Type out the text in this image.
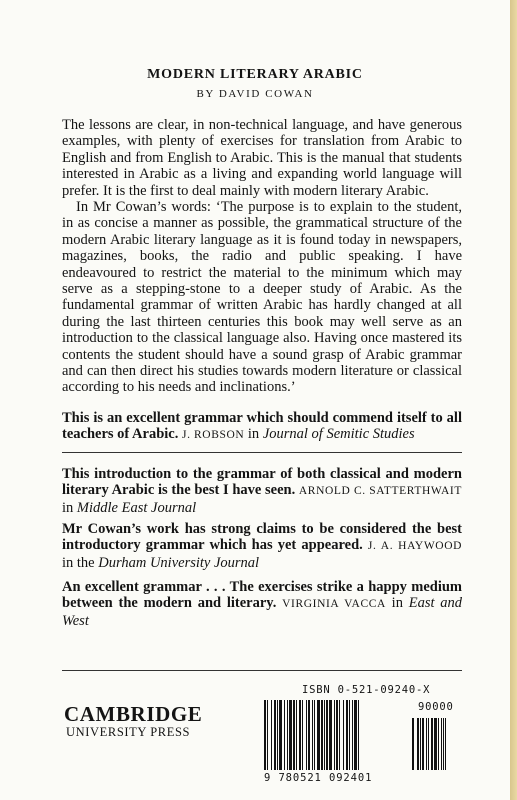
MODERN LITERARY ARABIC
BY DAVID COWAN

The lessons are clear, in non-technical language, and have generous examples, with plenty of exercises for translation from Arabic to English and from English to Arabic. This is the manual that students interested in Arabic as a living and expanding world language will prefer. It is the first to deal mainly with modern literary Arabic.

In Mr Cowan’s words: ‘The purpose is to explain to the student, in as concise a manner as possible, the grammatical structure of the modern Arabic literary language as it is found today in newspapers, magazines, books, the radio and public speaking. I have endeavoured to restrict the material to the minimum which may serve as a stepping-stone to a deeper study of Arabic. As the fundamental grammar of written Arabic has hardly changed at all during the last thirteen centuries this book may well serve as an introduction to the classical language also. Having once mastered its contents the student should have a sound grasp of Arabic grammar and can then direct his studies towards modern literature or classical according to his needs and inclinations.’

This is an excellent grammar which should commend itself to all teachers of Arabic. J. ROBSON in Journal of Semitic Studies
This introduction to the grammar of both classical and modern literary Arabic is the best I have seen. ARNOLD C. SATTERTHWAIT in Middle East Journal
Mr Cowan’s work has strong claims to be considered the best introductory grammar which has yet appeared. J. A. HAYWOOD in the Durham University Journal
An excellent grammar . . . The exercises strike a happy medium between the modern and literary. VIRGINIA VACCA in East and West
CAMBRIDGE
UNIVERSITY PRESS
ISBN 0-521-09240-X
9 780521 092401
90000
